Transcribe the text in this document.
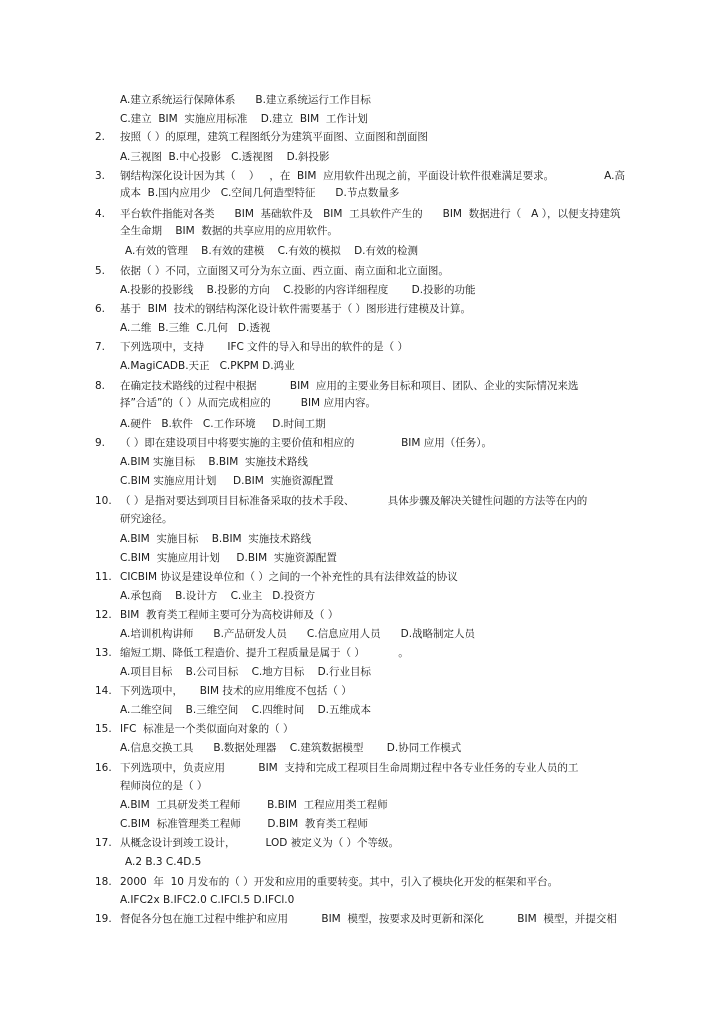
A.建立系统运行保障体系      B.建立系统运行工作目标
C.建立  BIM  实施应用标准    D.建立  BIM  工作计划
2. 按照（ ）的原理，建筑工程图纸分为建筑平面图、立面图和剖面图
A.三视图  B.中心投影   C.透视图    D.斜投影
3. 钢结构深化设计因为其（    ）   ，在  BIM  应用软件出现之前，平面设计软件很难满足要求。               A.高
成本  B.国内应用少   C.空间几何造型特征      D.节点数量多
4. 平台软件指能对各类      BIM  基础软件及   BIM  工具软件产生的      BIM  数据进行（   A ），以便支持建筑
全生命期    BIM  数据的共享应用的应用软件。
A.有效的管理    B.有效的建模    C.有效的模拟    D.有效的检测
5. 依据（ ）不同，立面图又可分为东立面、西立面、南立面和北立面图。
A.投影的投影线    B.投影的方向    C.投影的内容详细程度       D.投影的功能
6. 基于  BIM  技术的钢结构深化设计软件需要基于（ ）图形进行建模及计算。
A.二维  B.三维  C.几何   D.透视
7. 下列选项中，支持       IFC 文件的导入和导出的软件的是（ ）
A.MagiCADB.天正   C.PKPM D.鸿业
8. 在确定技术路线的过程中根据          BIM  应用的主要业务目标和项目、团队、企业的实际情况来选
择”合适”的（ ）从而完成相应的         BIM 应用内容。
A.硬件   B.软件   C.工作环境     D.时间工期
9. （ ）即在建设项目中将要实施的主要价值和相应的              BIM 应用（任务）。
A.BIM 实施目标    B.BIM  实施技术路线
C.BIM 实施应用计划     D.BIM  实施资源配置
10. （ ）是指对要达到项目目标准备采取的技术手段、          具体步骤及解决关键性问题的方法等在内的
研究途径。
A.BIM  实施目标    B.BIM  实施技术路线
C.BIM  实施应用计划     D.BIM  实施资源配置
11. CICBIM 协议是建设单位和（ ）之间的一个补充性的具有法律效益的协议
A.承包商    B.设计方    C.业主   D.投资方
12. BIM  教育类工程师主要可分为高校讲师及（ ）
A.培训机构讲师      B.产品研发人员      C.信息应用人员      D.战略制定人员
13. 缩短工期、降低工程造价、提升工程质量是属于（ ）          。
A.项目目标    B.公司目标    C.地方目标    D.行业目标
14. 下列选项中，     BIM 技术的应用维度不包括（ ）
A.二维空间    B.三维空间    C.四维时间    D.五维成本
15. IFC  标准是一个类似面向对象的（ ）
A.信息交换工具      B.数据处理器    C.建筑数据模型       D.协同工作模式
16. 下列选项中，负责应用          BIM  支持和完成工程项目生命周期过程中各专业任务的专业人员的工
程师岗位的是（ ）
A.BIM  工具研发类工程师        B.BIM  工程应用类工程师
C.BIM  标准管理类工程师        D.BIM  教育类工程师
17. 从概念设计到竣工设计，         LOD 被定义为（ ）个等级。
A.2 B.3 C.4D.5
18. 2000  年  10 月发布的（ ）开发和应用的重要转变。其中，引入了模块化开发的框架和平台。
A.IFC2x B.IFC2.0 C.IFCl.5 D.IFCl.0
19. 督促各分包在施工过程中维护和应用          BIM  模型，按要求及时更新和深化          BIM  模型，并提交相
